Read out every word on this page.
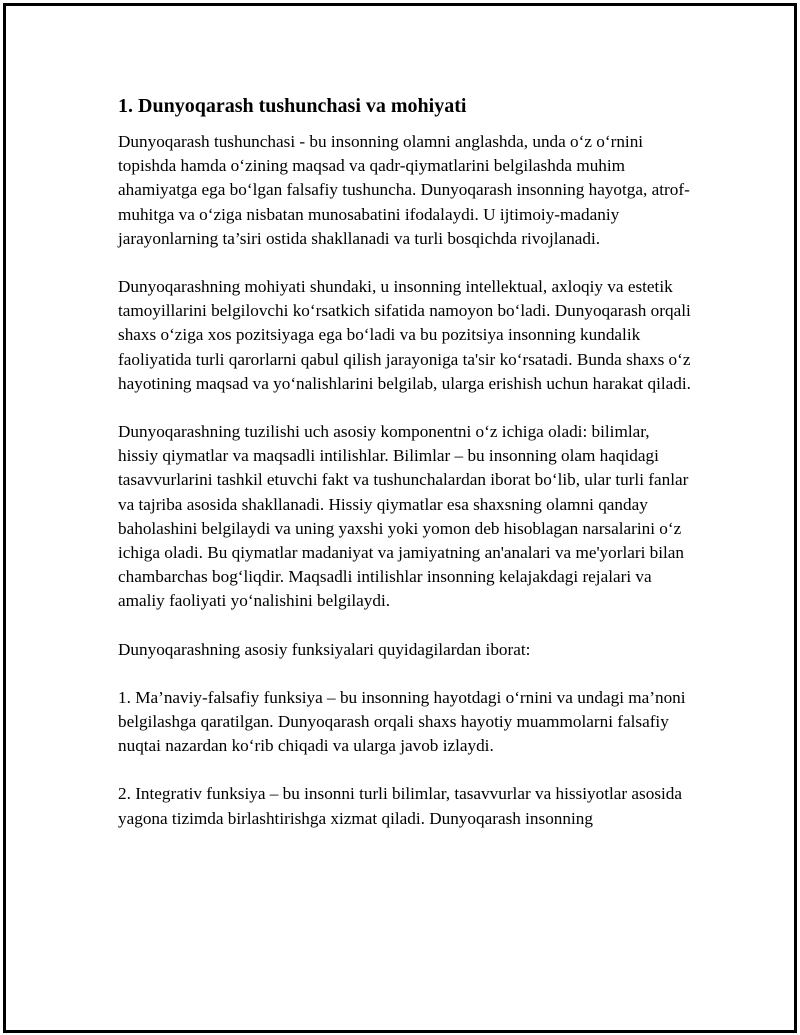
1. Dunyoqarash tushunchasi va mohiyati

Dunyoqarash tushunchasi - bu insonning olamni anglashda, unda o‘z o‘rnini topishda hamda o‘zining maqsad va qadr-qiymatlarini belgilashda muhim ahamiyatga ega bo‘lgan falsafiy tushuncha. Dunyoqarash insonning hayotga, atrof-muhitga va o‘ziga nisbatan munosabatini ifodalaydi. U ijtimoiy-madaniy jarayonlarning ta’siri ostida shakllanadi va turli bosqichda rivojlanadi.

Dunyoqarashning mohiyati shundaki, u insonning intellektual, axloqiy va estetik tamoyillarini belgilovchi ko‘rsatkich sifatida namoyon bo‘ladi. Dunyoqarash orqali shaxs o‘ziga xos pozitsiyaga ega bo‘ladi va bu pozitsiya insonning kundalik faoliyatida turli qarorlarni qabul qilish jarayoniga ta'sir ko‘rsatadi. Bunda shaxs o‘z hayotining maqsad va yo‘nalishlarini belgilab, ularga erishish uchun harakat qiladi.

Dunyoqarashning tuzilishi uch asosiy komponentni o‘z ichiga oladi: bilimlar, hissiy qiymatlar va maqsadli intilishlar. Bilimlar – bu insonning olam haqidagi tasavvurlarini tashkil etuvchi fakt va tushunchalardan iborat bo‘lib, ular turli fanlar va tajriba asosida shakllanadi. Hissiy qiymatlar esa shaxsning olamni qanday baholashini belgilaydi va uning yaxshi yoki yomon deb hisoblagan narsalarini o‘z ichiga oladi. Bu qiymatlar madaniyat va jamiyatning an'analari va me'yorlari bilan chambarchas bog‘liqdir. Maqsadli intilishlar insonning kelajakdagi rejalari va amaliy faoliyati yo‘nalishini belgilaydi.

Dunyoqarashning asosiy funksiyalari quyidagilardan iborat:

1. Ma’naviy-falsafiy funksiya – bu insonning hayotdagi o‘rnini va undagi ma’noni belgilashga qaratilgan. Dunyoqarash orqali shaxs hayotiy muammolarni falsafiy nuqtai nazardan ko‘rib chiqadi va ularga javob izlaydi.

2. Integrativ funksiya – bu insonni turli bilimlar, tasavvurlar va hissiyotlar asosida yagona tizimda birlashtirishga xizmat qiladi. Dunyoqarash insonning
